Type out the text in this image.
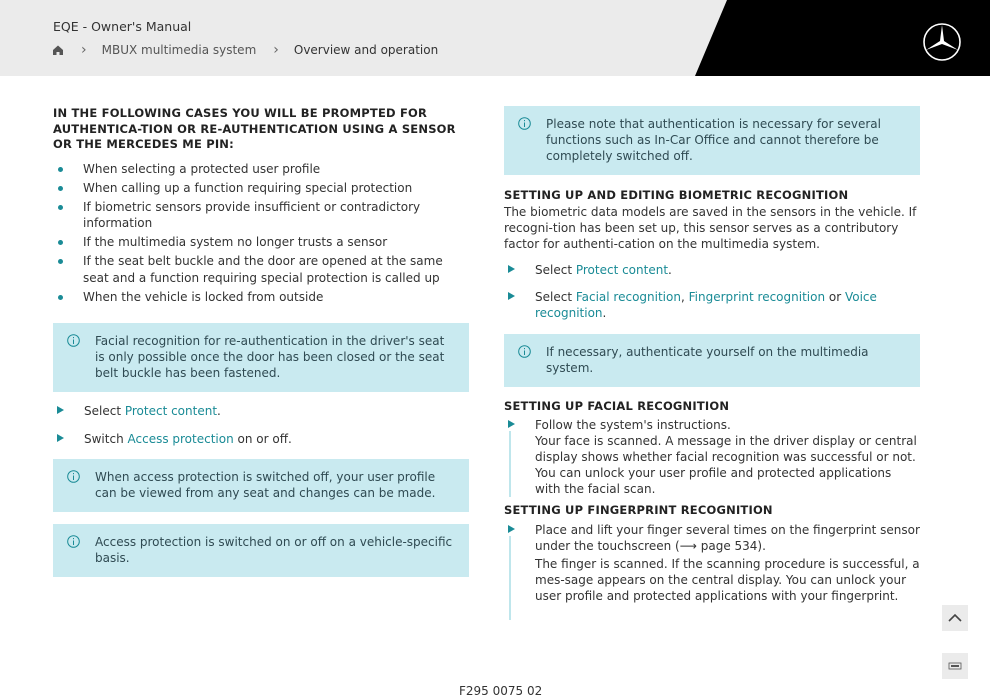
EQE - Owner's Manual
› MBUX multimedia system › Overview and operation
IN THE FOLLOWING CASES YOU WILL BE PROMPTED FOR AUTHENTICA-TION OR RE-AUTHENTICATION USING A SENSOR OR THE MERCEDES ME PIN:
When selecting a protected user profile
When calling up a function requiring special protection
If biometric sensors provide insufficient or contradictory information
If the multimedia system no longer trusts a sensor
If the seat belt buckle and the door are opened at the same seat and a function requiring special protection is called up
When the vehicle is locked from outside
Facial recognition for re-authentication in the driver's seat is only possible once the door has been closed or the seat belt buckle has been fastened.
Select Protect content.
Switch Access protection on or off.
When access protection is switched off, your user profile can be viewed from any seat and changes can be made.
Access protection is switched on or off on a vehicle-specific basis.
Please note that authentication is necessary for several functions such as In-Car Office and cannot therefore be completely switched off.
SETTING UP AND EDITING BIOMETRIC RECOGNITION
The biometric data models are saved in the sensors in the vehicle. If recogni-tion has been set up, this sensor serves as a contributory factor for authenti-cation on the multimedia system.
Select Protect content.
Select Facial recognition, Fingerprint recognition or Voice recognition.
If necessary, authenticate yourself on the multimedia system.
SETTING UP FACIAL RECOGNITION
Follow the system's instructions.
Your face is scanned. A message in the driver display or central display shows whether facial recognition was successful or not. You can unlock your user profile and protected applications with the facial scan.
SETTING UP FINGERPRINT RECOGNITION
Place and lift your finger several times on the fingerprint sensor under the touchscreen (⟶ page 534).
The finger is scanned. If the scanning procedure is successful, a mes-sage appears on the central display. You can unlock your user profile and protected applications with your fingerprint.
F295 0075 02
